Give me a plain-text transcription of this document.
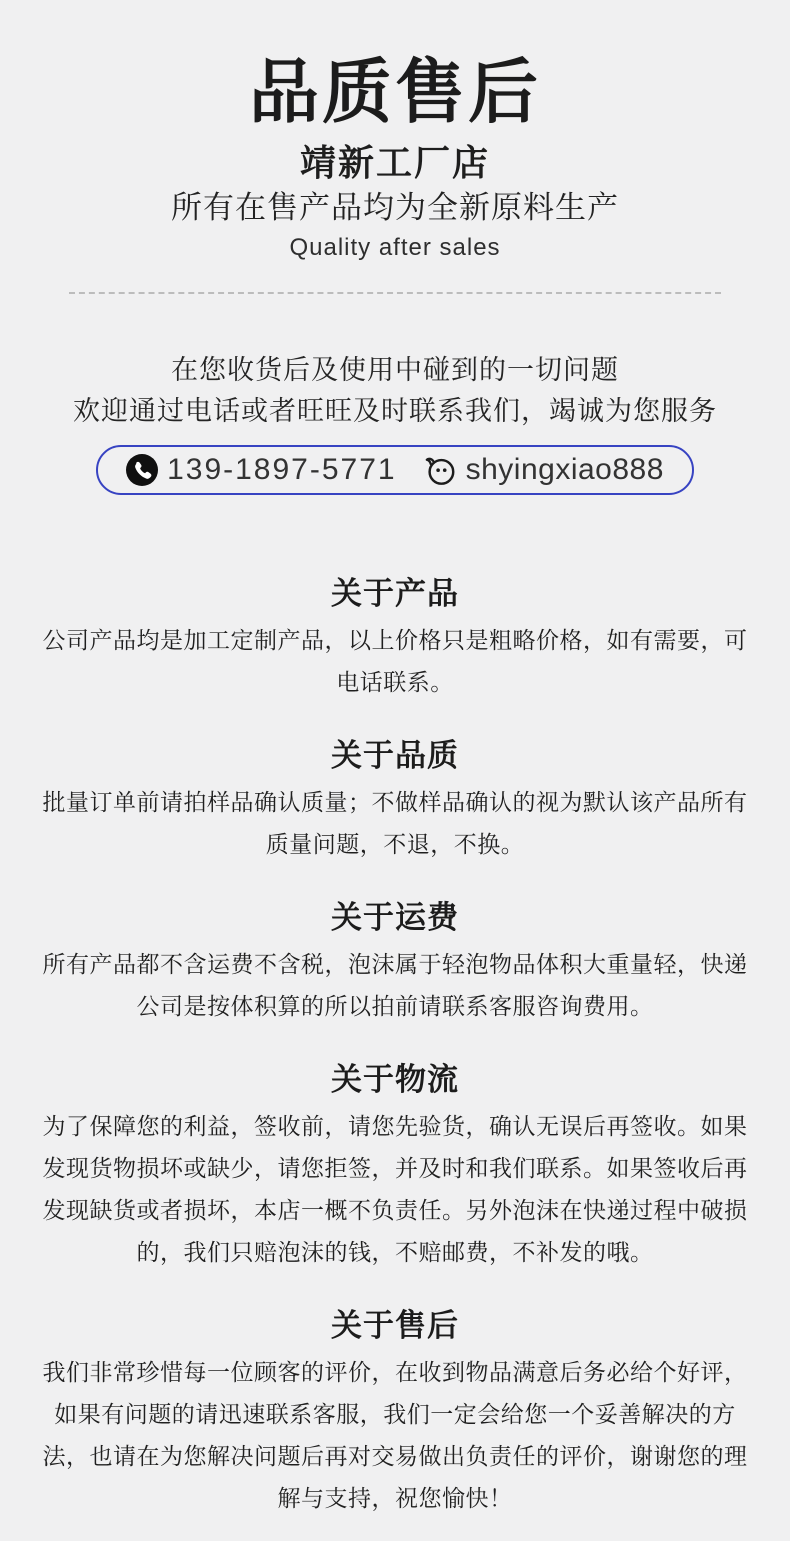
品质售后
靖新工厂店
所有在售产品均为全新原料生产
Quality after sales
在您收货后及使用中碰到的一切问题
欢迎通过电话或者旺旺及时联系我们，竭诚为您服务
139-1897-5771 shyingxiao888
关于产品

公司产品均是加工定制产品，以上价格只是粗略价格，如有需要，可电话联系。

关于品质

批量订单前请拍样品确认质量；不做样品确认的视为默认该产品所有质量问题，不退，不换。

关于运费

所有产品都不含运费不含税，泡沫属于轻泡物品体积大重量轻，快递公司是按体积算的所以拍前请联系客服咨询费用。

关于物流

为了保障您的利益，签收前，请您先验货，确认无误后再签收。如果发现货物损坏或缺少，请您拒签，并及时和我们联系。如果签收后再发现缺货或者损坏，本店一概不负责任。另外泡沫在快递过程中破损的，我们只赔泡沫的钱，不赔邮费，不补发的哦。

关于售后

我们非常珍惜每一位顾客的评价，在收到物品满意后务必给个好评，如果有问题的请迅速联系客服，我们一定会给您一个妥善解决的方法，也请在为您解决问题后再对交易做出负责任的评价，谢谢您的理解与支持，祝您愉快！
